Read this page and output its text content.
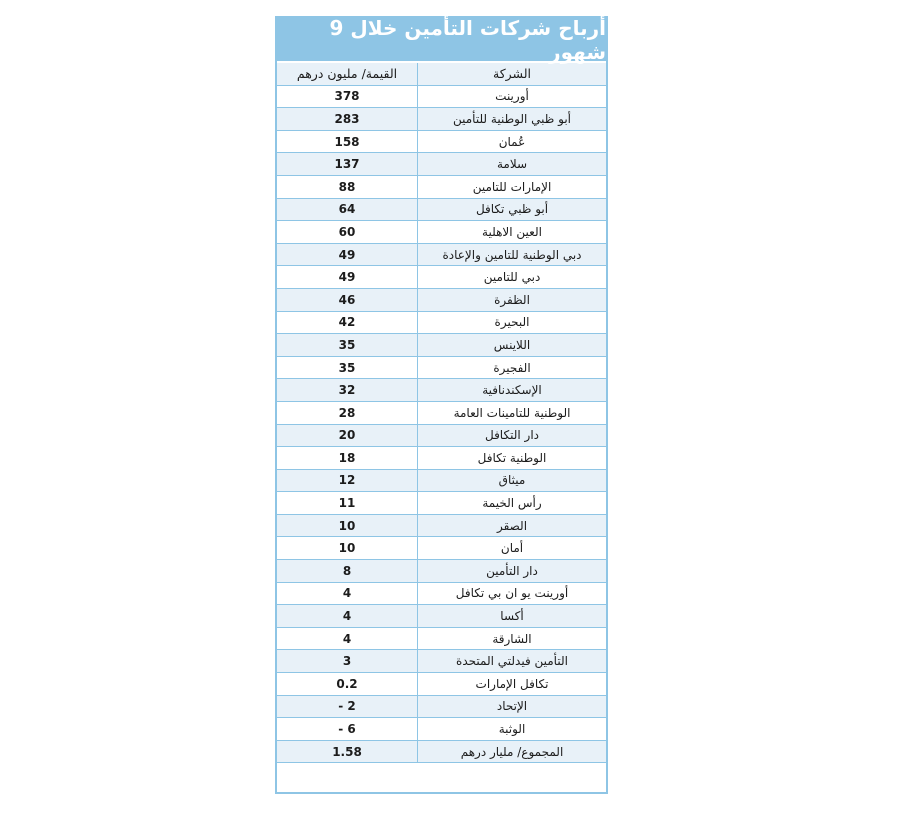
أرباح شركات التأمين خلال 9 شهور
الشركة	القيمة/ مليون درهم
أورينت	378
أبو ظبي الوطنية للتأمين	283
عُمان	158
سلامة	137
الإمارات للتامين	88
أبو ظبي تكافل	64
العين الاهلية	60
دبي الوطنية للتامين والإعادة	49
دبي للتامين	49
الظفرة	46
البحيرة	42
اللاينس	35
الفجيرة	35
الإسكندنافية	32
الوطنية للتامينات العامة	28
دار التكافل	20
الوطنية تكافل	18
ميثاق	12
رأس الخيمة	11
الصقر	10
أمان	10
دار التأمين	8
أورينت يو ان بي تكافل	4
أكسا	4
الشارقة	4
التأمين فيدلتي المتحدة	3
تكافل الإمارات	0.2
الإتحاد	- 2
الوثبة	- 6
المجموع/ مليار درهم	1.58
